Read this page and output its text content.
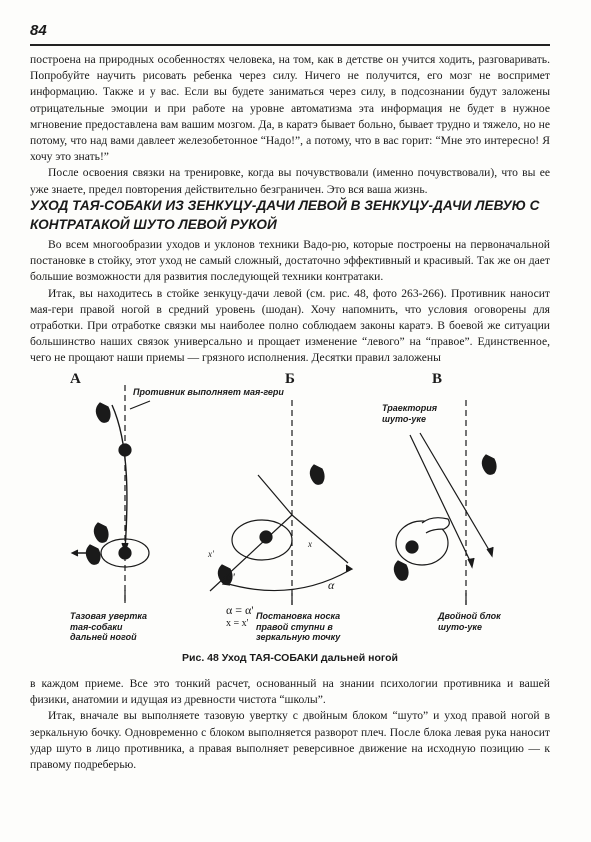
84

построена на природных особенностях человека, на том, как в детстве он учится ходить, разговаривать. Попробуйте научить рисовать ребенка через силу. Ничего не получится, его мозг не воспримет информацию. Также и у вас. Если вы будете заниматься через силу, в подсознании будут заложены отрицательные эмоции и при работе на уровне автоматизма эта информация не будет в нужное мгновение предоставлена вам вашим мозгом. Да, в каратэ бывает больно, бывает трудно и тяжело, но не потому, что над вами давлеет железобетонное “Надо!”, а потому, что в вас горит: “Мне это интересно! Я хочу это знать!”

После освоения связки на тренировке, когда вы почувствовали (именно почувствовали), что вы ее уже знаете, предел повторения действительно безграничен. Это вся ваша жизнь.

УХОД ТАЯ-СОБАКИ ИЗ ЗЕНКУЦУ-ДАЧИ ЛЕВОЙ В ЗЕНКУЦУ-ДАЧИ ЛЕВУЮ С КОНТРАТАКОЙ ШУТО ЛЕВОЙ РУКОЙ

Во всем многообразии уходов и уклонов техники Вадо-рю, которые построены на первоначальной постановке в стойку, этот уход не самый сложный, достаточно эффективный и красивый. Так же он дает большие возможности для развития последующей техники контратаки.

Итак, вы находитесь в стойке зенкуцу-дачи левой (см. рис. 48, фото 263-266). Противник наносит мая-гери правой ногой в средний уровень (шодан). Хочу напомнить, что условия оговорены для отработки. При отработке связки мы наиболее полно соблюдаем законы каратэ. В боевой же ситуации большинство наших связок универсально и прощает изменение “левого” на “правое”. Единственное, чего не прощают наши приемы — грязного исполнения. Десятки правил заложены

А	Б	В
Противник выполняет мая-гери
Тазовая увертка тая-собаки дальней ногой
Постановка носка правой ступни в зеркальную точку
Траектория шуто-уке
Двойной блок шуто-уке
α'
α
x'
x
α = α'
x = x'
Рис. 48 Уход ТАЯ-СОБАКИ дальней ногой

в каждом приеме. Все это тонкий расчет, основанный на знании психологии противника и вашей физики, анатомии и идущая из древности чистота “школы”.

Итак, вначале вы выполняете тазовую увертку с двойным блоком “шуто” и уход правой ногой в зеркальную бочку. Одновременно с блоком выполняется разворот плеч. После блока левая рука наносит удар шуто в лицо противника, а правая выполняет реверсивное движение на исходную позицию — к правому подреберью.
